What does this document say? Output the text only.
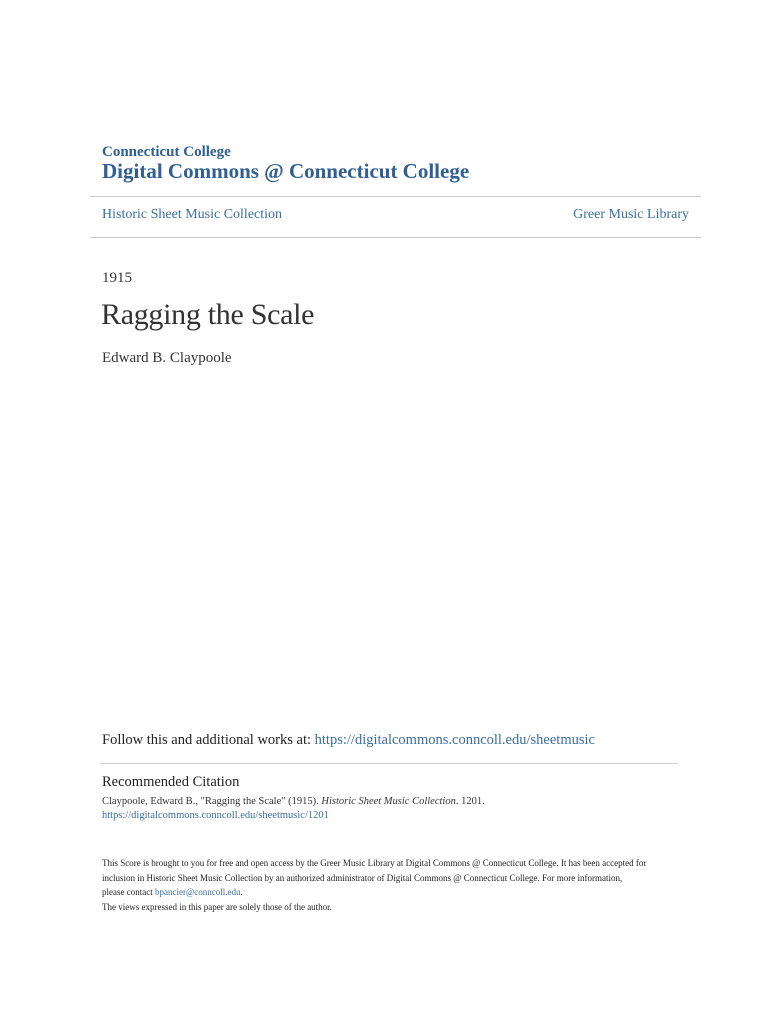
Connecticut College
Digital Commons @ Connecticut College
Historic Sheet Music Collection	Greer Music Library
1915
Ragging the Scale
Edward B. Claypoole
Follow this and additional works at: https://digitalcommons.conncoll.edu/sheetmusic
Recommended Citation
Claypoole, Edward B., "Ragging the Scale" (1915). Historic Sheet Music Collection. 1201.
https://digitalcommons.conncoll.edu/sheetmusic/1201
This Score is brought to you for free and open access by the Greer Music Library at Digital Commons @ Connecticut College. It has been accepted for
inclusion in Historic Sheet Music Collection by an authorized administrator of Digital Commons @ Connecticut College. For more information,
please contact bpancier@conncoll.edu.
The views expressed in this paper are solely those of the author.
